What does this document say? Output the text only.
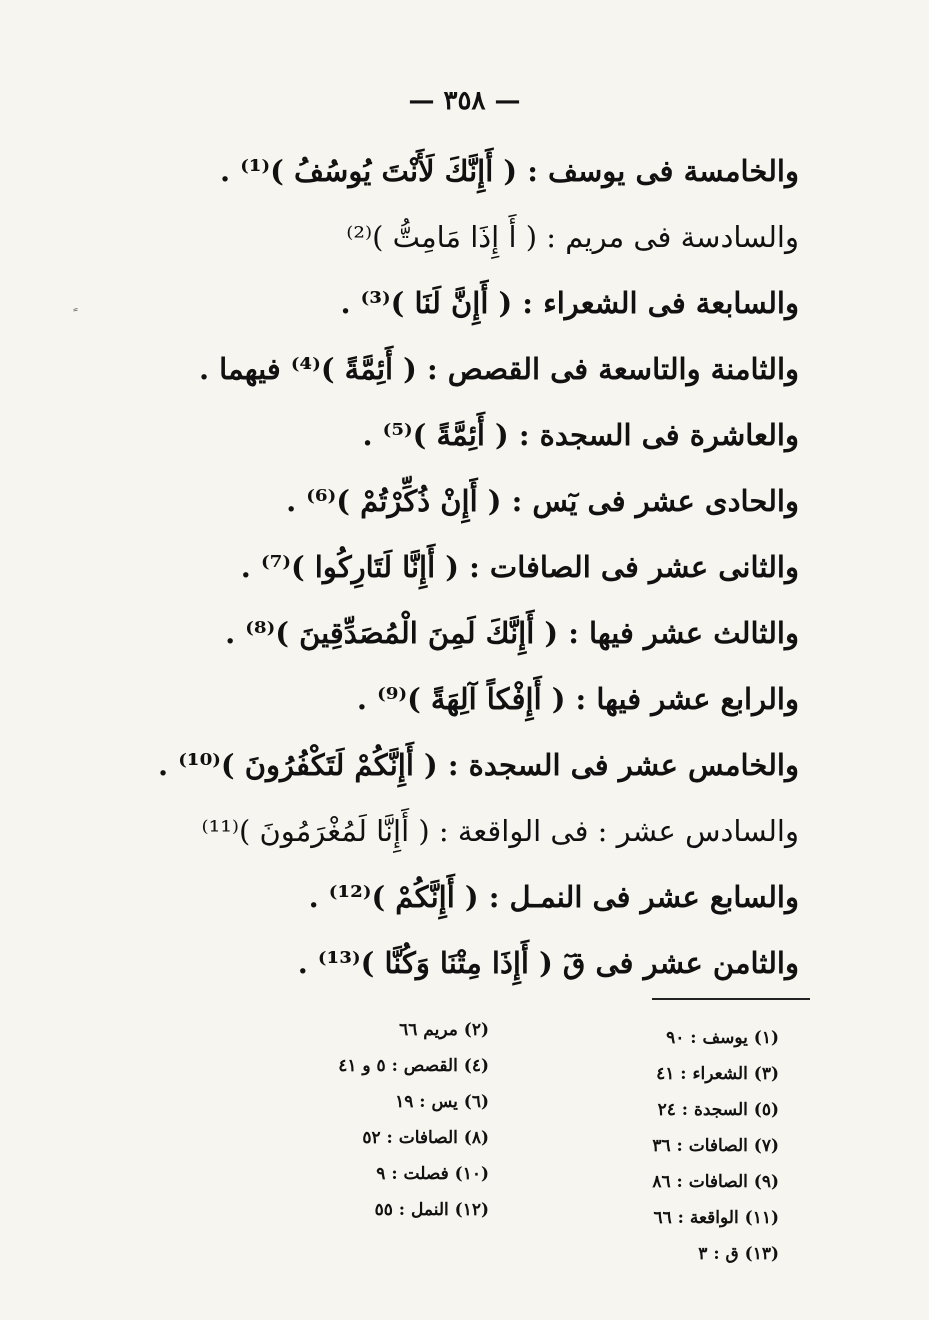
— ٣٥٨ —
والخامسة فى يوسف : ( أَإِنَّكَ لَأَنْتَ يُوسُفُ )⁽¹⁾ .
والسادسة فى مريم : ( أَ إِذَا مَامِتُّ )⁽²⁾
والسابعة فى الشعراء : ( أَإِنَّ لَنَا )⁽³⁾ .
والثامنة والتاسعة فى القصص : ( أَئِمَّةً )⁽⁴⁾ فيهما .
والعاشرة فى السجدة : ( أَئِمَّةً )⁽⁵⁾ .
والحادى عشر فى يٓس : ( أَإِنْ ذُكِّرْتُمْ )⁽⁶⁾ .
والثانى عشر فى الصافات : ( أَإِنَّا لَتَارِكُوا )⁽⁷⁾ .
والثالث عشر فيها : ( أَإِنَّكَ لَمِنَ الْمُصَدِّقِينَ )⁽⁸⁾ .
والرابع عشر فيها : ( أَإِفْكاً آلِهَةً )⁽⁹⁾ .
والخامس عشر فى السجدة : ( أَإِنَّكُمْ لَتَكْفُرُونَ )⁽¹⁰⁾ .
والسادس عشر : فى الواقعة : ( أَإِنَّا لَمُغْرَمُونَ )⁽¹¹⁾
والسابع عشر فى النمـل : ( أَإِنَّكُمْ )⁽¹²⁾ .
والثامن عشر فى قٓ ( أَإِذَا مِتْنَا وَكُنَّا )⁽¹³⁾ .
(١) يوسف : ٩٠
(٣) الشعراء : ٤١
(٥) السجدة : ٢٤
(٧) الصافات : ٣٦
(٩) الصافات : ٨٦
(١١) الواقعة : ٦٦
(١٣) ق : ٣
(٢) مريم ٦٦
(٤) القصص : ٥ و ٤١
(٦) يس : ١٩
(٨) الصافات : ٥٢
(١٠) فصلت : ٩
(١٢) النمل : ٥٥
